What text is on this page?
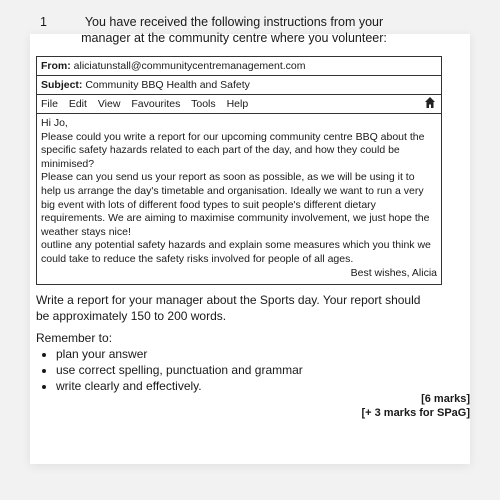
1	You have received the following instructions from your manager at the community centre where you volunteer:
From: aliciatunstall@communitycentremanagement.com
Subject: Community BBQ Health and Safety
File Edit View Favourites Tools Help

Hi Jo,

Please could you write a report for our upcoming community centre BBQ about the specific safety hazards related to each part of the day, and how they could be minimised?

Please can you send us your report as soon as possible, as we will be using it to help us arrange the day's timetable and organisation. Ideally we want to run a very big event with lots of different food types to suit people's different dietary requirements. We are aiming to maximise community involvement, we just hope the weather stays nice!

outline any potential safety hazards and explain some measures which you think we could take to reduce the safety risks involved for people of all ages.

Best wishes, Alicia

Write a report for your manager about the Sports day. Your report should be approximately 150 to 200 words.
Remember to:
• plan your answer
• use correct spelling, punctuation and grammar
• write clearly and effectively.
[6 marks]
[+ 3 marks for SPaG]
